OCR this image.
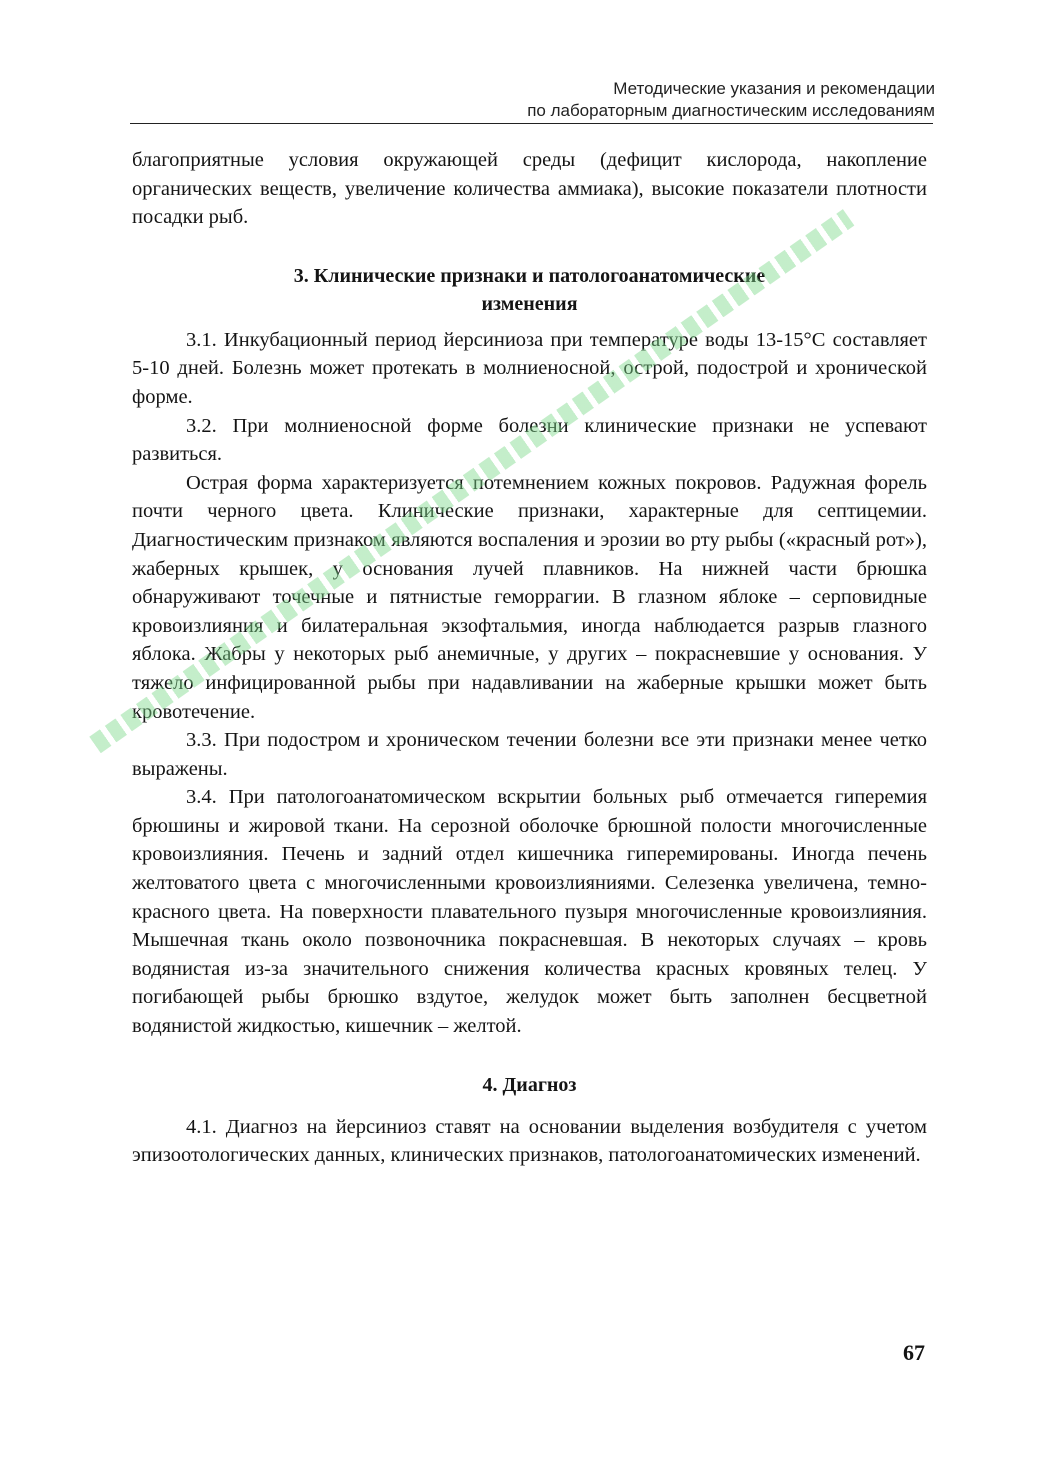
Методические указания и рекомендации
по лабораторным диагностическим исследованиям

благоприятные условия окружающей среды (дефицит кислорода, накопление органических веществ, увеличение количества аммиака), высокие показатели плотности посадки рыб.

3. Клинические признаки и патологоанатомические
изменения

3.1. Инкубационный период йерсиниоза при температуре воды 13-15°С составляет 5-10 дней. Болезнь может протекать в молниеносной, острой, подострой и хронической форме.

3.2. При молниеносной форме болезни клинические признаки не успевают развиться.

Острая форма характеризуется потемнением кожных покровов. Радужная форель почти черного цвета. Клинические признаки, характерные для септицемии. Диагностическим признаком являются воспаления и эрозии во рту рыбы («красный рот»), жаберных крышек, у основания лучей плавников. На нижней части брюшка обнаруживают точечные и пятнистые геморрагии. В глазном яблоке – серповидные кровоизлияния и билатеральная экзофтальмия, иногда наблюдается разрыв глазного яблока. Жабры у некоторых рыб анемичные, у других – покрасневшие у основания. У тяжело инфицированной рыбы при надавливании на жаберные крышки может быть кровотечение.

3.3. При подостром и хроническом течении болезни все эти признаки менее четко выражены.

3.4. При патологоанатомическом вскрытии больных рыб отмечается гиперемия брюшины и жировой ткани. На серозной оболочке брюшной полости многочисленные кровоизлияния. Печень и задний отдел кишечника гиперемированы. Иногда печень желтоватого цвета с многочисленными кровоизлияниями. Селезенка увеличена, темно-красного цвета. На поверхности плавательного пузыря многочисленные кровоизлияния. Мышечная ткань около позвоночника покрасневшая. В некоторых случаях – кровь водянистая из-за значительного снижения количества красных кровяных телец. У погибающей рыбы брюшко вздутое, желудок может быть заполнен бесцветной водянистой жидкостью, кишечник – желтой.

4. Диагноз

4.1. Диагноз на йерсиниоз ставят на основании выделения возбудителя с учетом эпизоотологических данных, клинических признаков, патологоанатомических изменений.

67
